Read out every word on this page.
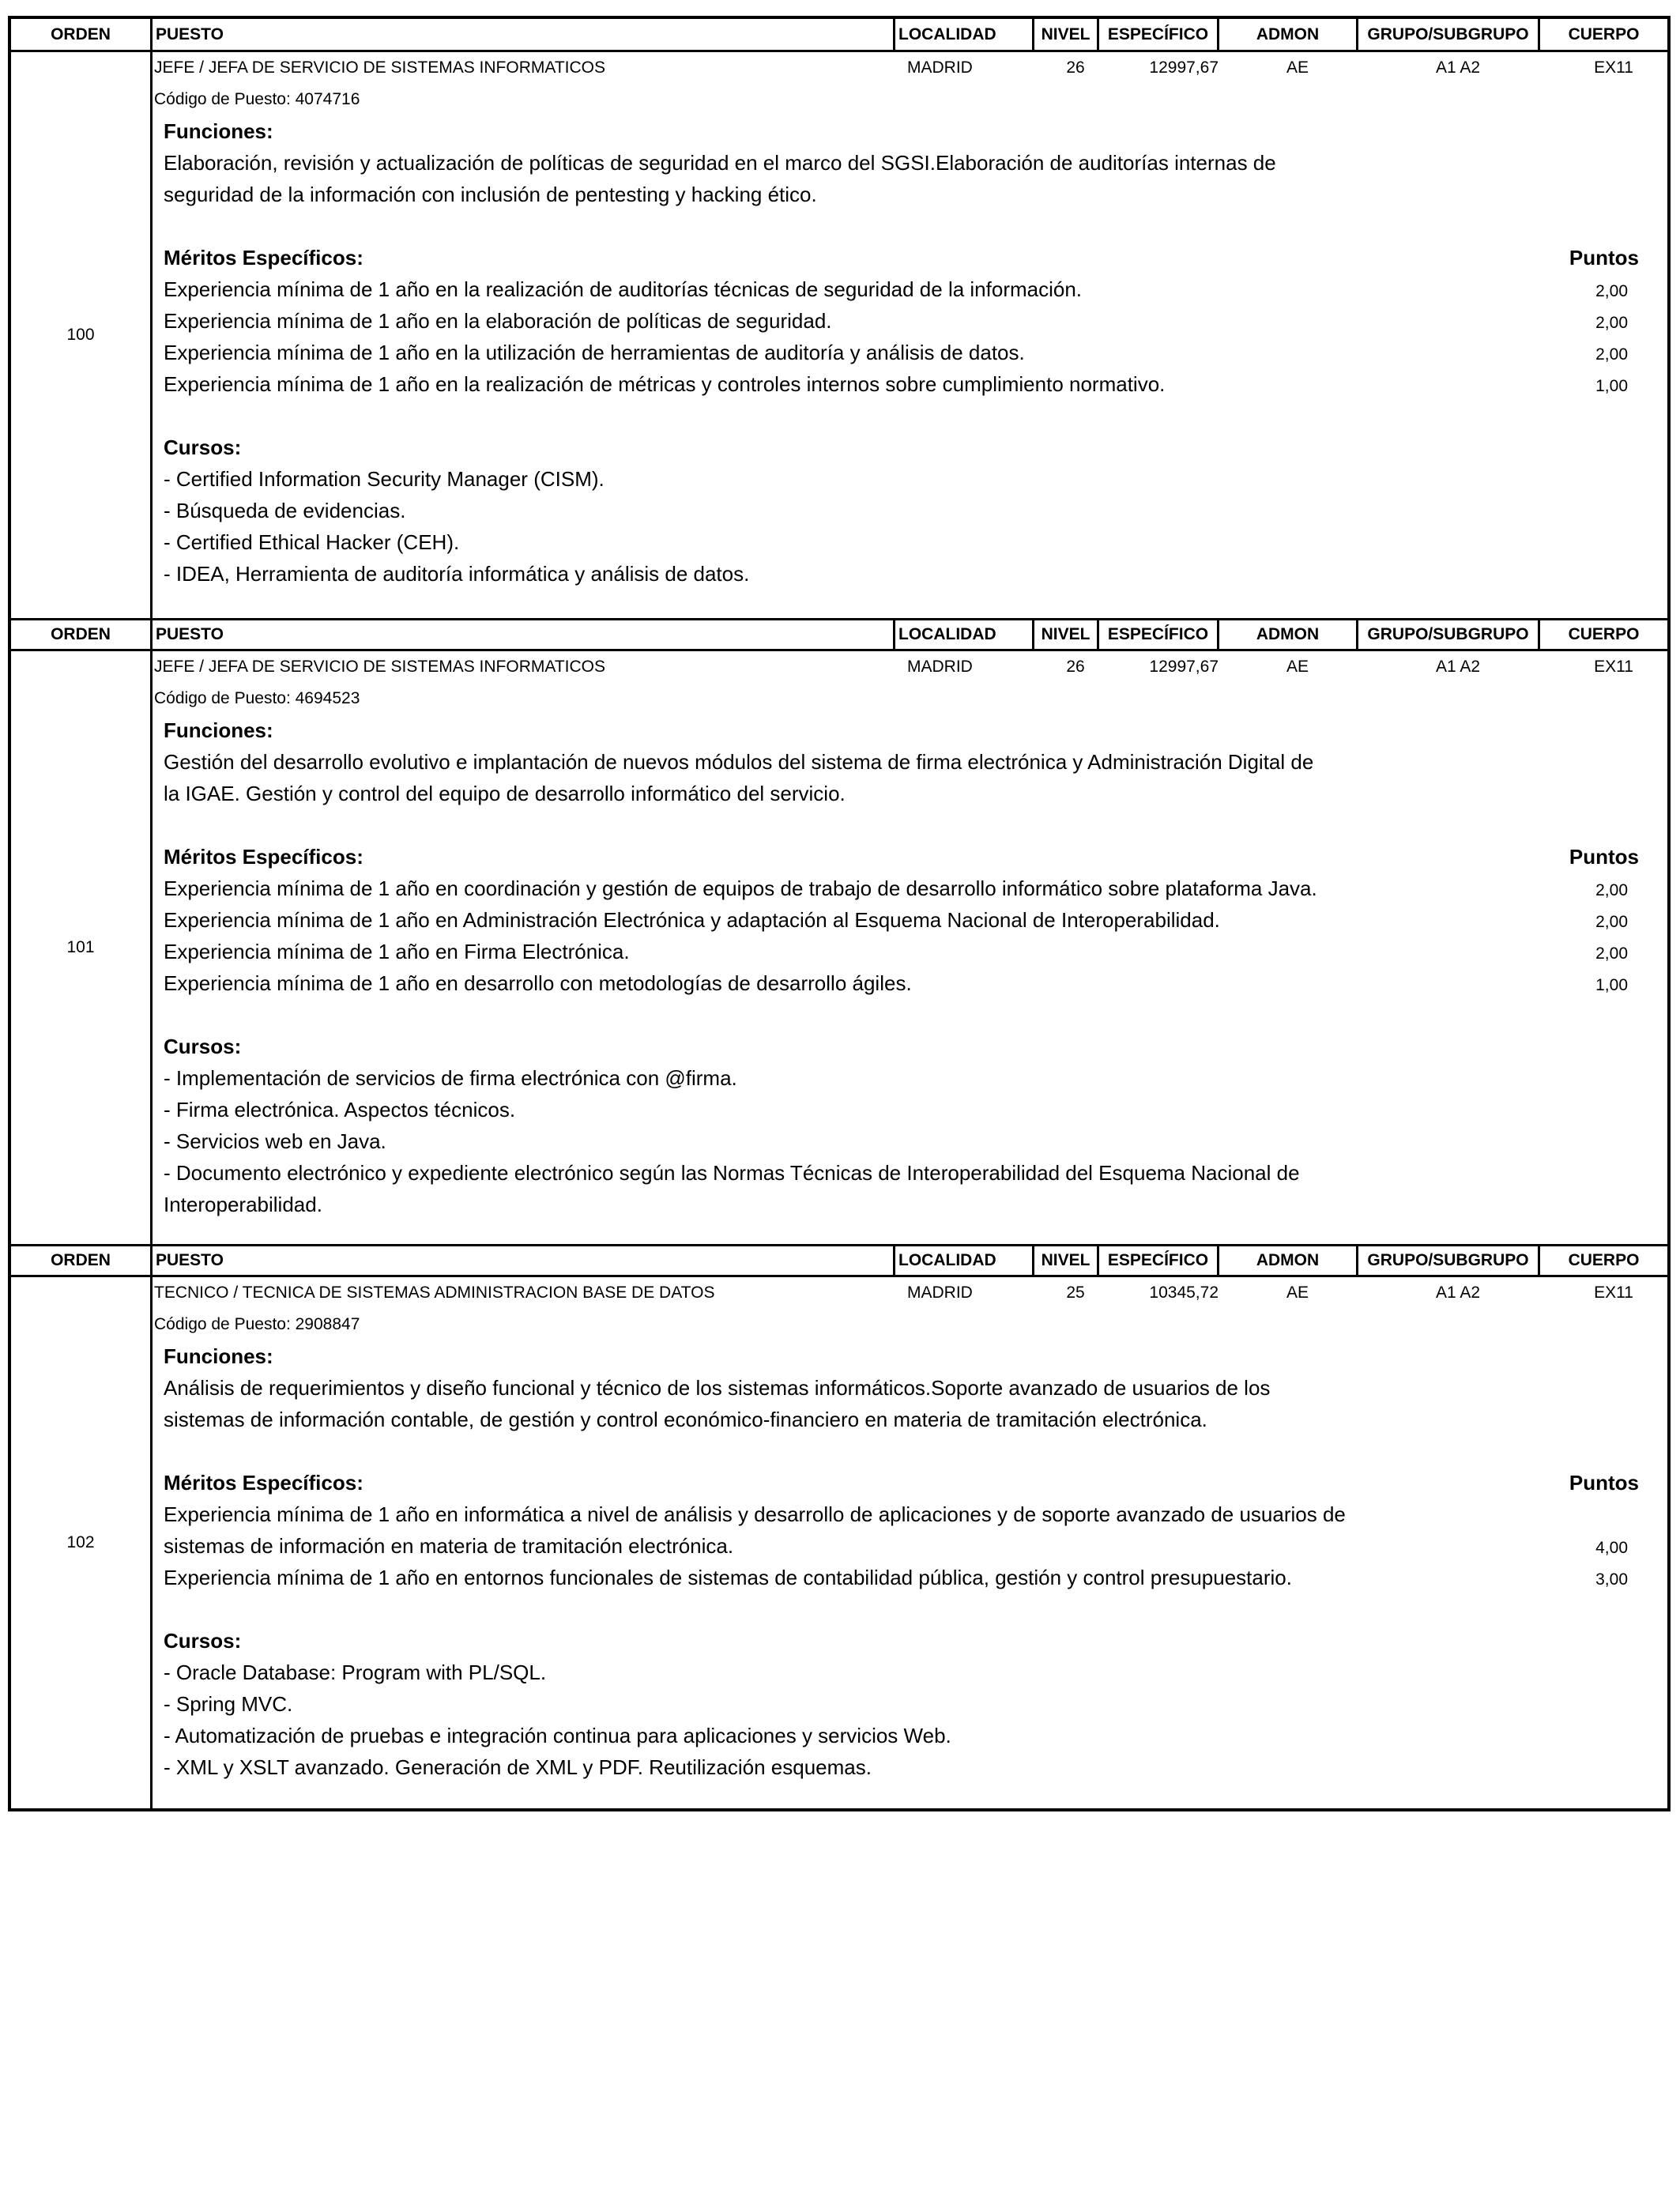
ORDEN	PUESTO	LOCALIDAD	NIVEL	ESPECÍFICO	ADMON	GRUPO/SUBGRUPO	CUERPO
100
JEFE / JEFA DE SERVICIO DE SISTEMAS INFORMATICOS	MADRID	26	12997,67	AE	A1 A2	EX11
Código de Puesto: 4074716
Funciones:
Elaboración, revisión y actualización de políticas de seguridad en el marco del SGSI.Elaboración de auditorías internas de
seguridad de la información con inclusión de pentesting y hacking ético.
Méritos Específicos:	Puntos
Experiencia mínima de 1 año en la realización de auditorías técnicas de seguridad de la información.	2,00
Experiencia mínima de 1 año en la elaboración de políticas de seguridad.	2,00
Experiencia mínima de 1 año en la utilización de herramientas de auditoría y análisis de datos.	2,00
Experiencia mínima de 1 año en la realización de métricas y controles internos sobre cumplimiento normativo.	1,00
Cursos:
- Certified Information Security Manager (CISM).
- Búsqueda de evidencias.
- Certified Ethical Hacker (CEH).
- IDEA, Herramienta de auditoría informática y análisis de datos.
ORDEN	PUESTO	LOCALIDAD	NIVEL	ESPECÍFICO	ADMON	GRUPO/SUBGRUPO	CUERPO
101
JEFE / JEFA DE SERVICIO DE SISTEMAS INFORMATICOS	MADRID	26	12997,67	AE	A1 A2	EX11
Código de Puesto: 4694523
Funciones:
Gestión del desarrollo evolutivo e implantación de nuevos módulos del sistema de firma electrónica y Administración Digital de
la IGAE. Gestión y control del equipo de desarrollo informático del servicio.
Méritos Específicos:	Puntos
Experiencia mínima de 1 año en coordinación y gestión de equipos de trabajo de desarrollo informático sobre plataforma Java.	2,00
Experiencia mínima de 1 año en Administración Electrónica y adaptación al Esquema Nacional de Interoperabilidad.	2,00
Experiencia mínima de 1 año en Firma Electrónica.	2,00
Experiencia mínima de 1 año en desarrollo con metodologías de desarrollo ágiles.	1,00
Cursos:
- Implementación de servicios de firma electrónica con @firma.
- Firma electrónica. Aspectos técnicos.
- Servicios web en Java.
- Documento electrónico y expediente electrónico según las Normas Técnicas de Interoperabilidad del Esquema Nacional de
Interoperabilidad.
ORDEN	PUESTO	LOCALIDAD	NIVEL	ESPECÍFICO	ADMON	GRUPO/SUBGRUPO	CUERPO
102
TECNICO / TECNICA DE SISTEMAS ADMINISTRACION BASE DE DATOS	MADRID	25	10345,72	AE	A1 A2	EX11
Código de Puesto: 2908847
Funciones:
Análisis de requerimientos y diseño funcional y técnico de los sistemas informáticos.Soporte avanzado de usuarios de los
sistemas de información contable, de gestión y control económico-financiero en materia de tramitación electrónica.
Méritos Específicos:	Puntos
Experiencia mínima de 1 año en informática a nivel de análisis y desarrollo de aplicaciones y de soporte avanzado de usuarios de
sistemas de información en materia de tramitación electrónica.	4,00
Experiencia mínima de 1 año en entornos funcionales de sistemas de contabilidad pública, gestión y control presupuestario.	3,00
Cursos:
- Oracle Database: Program with PL/SQL.
- Spring MVC.
- Automatización de pruebas e integración continua para aplicaciones y servicios Web.
- XML y XSLT avanzado. Generación de XML y PDF. Reutilización esquemas.
